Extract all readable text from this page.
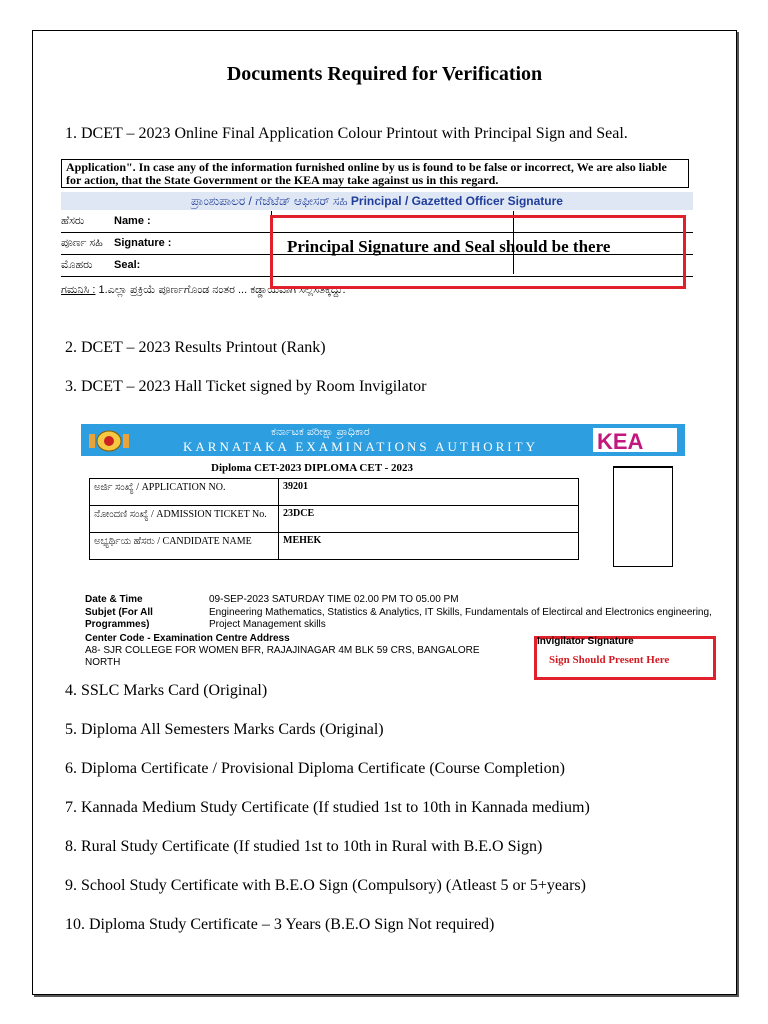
Documents Required for Verification
1. DCET – 2023 Online Final Application Colour Printout with Principal Sign and Seal.
Application". In case any of the information furnished online by us is found to be false or incorrect, We are also liable for action, that the State Government or the KEA may take against us in this regard.
ಪ್ರಾಂಶುಪಾಲರ / ಗೆಜೆಟೆಡ್ ಆಫೀಸರ್ ಸಹಿ Principal / Gazetted Officer Signature
ಹೆಸರು	Name :
ಪೂರ್ಣ ಸಹಿ	Signature :
ಮೊಹರು	Seal:
ಗಮನಿಸಿ : 1.ಎಲ್ಲಾ ಪ್ರಕ್ರಿಯೆ ಪೂರ್ಣಗೊಂಡ ನಂತರ ... ಕಡ್ಡಾಯವಾಗಿ ಸಲ್ಲಿಸತಕ್ಕದ್ದು.
Principal Signature and Seal should be there
2. DCET – 2023 Results Printout (Rank)
3. DCET – 2023 Hall Ticket signed by Room Invigilator
ಕರ್ನಾಟಕ ಪರೀಕ್ಷಾ ಪ್ರಾಧಿಕಾರ
KARNATAKA EXAMINATIONS AUTHORITY	KEA
Diploma CET-2023 DIPLOMA CET - 2023
ಅರ್ಜಿ ಸಂಖ್ಯೆ / APPLICATION NO.	39201
ನೋಂದಣಿ ಸಂಖ್ಯೆ / ADMISSION TICKET No.	23DCE
ಅಭ್ಯರ್ಥಿಯ ಹೆಸರು / CANDIDATE NAME	MEHEK
Date & Time	09-SEP-2023 SATURDAY TIME 02.00 PM TO 05.00 PM
Subjet (For All Programmes)
Engineering Mathematics, Statistics & Analytics, IT Skills, Fundamentals of Electircal and Electronics engineering, Project Management skills
Center Code - Examination Centre Address
A8- SJR COLLEGE FOR WOMEN BFR, RAJAJINAGAR 4M BLK 59 CRS, BANGALORE NORTH
Invigilator Signature
Sign Should Present Here
4. SSLC Marks Card (Original)
5. Diploma All Semesters Marks Cards (Original)
6. Diploma Certificate / Provisional Diploma Certificate (Course Completion)
7. Kannada Medium Study Certificate (If studied 1st to 10th in Kannada medium)
8. Rural Study Certificate (If studied 1st to 10th in Rural with B.E.O Sign)
9. School Study Certificate with B.E.O Sign (Compulsory) (Atleast 5 or 5+years)
10. Diploma Study Certificate – 3 Years (B.E.O Sign Not required)
